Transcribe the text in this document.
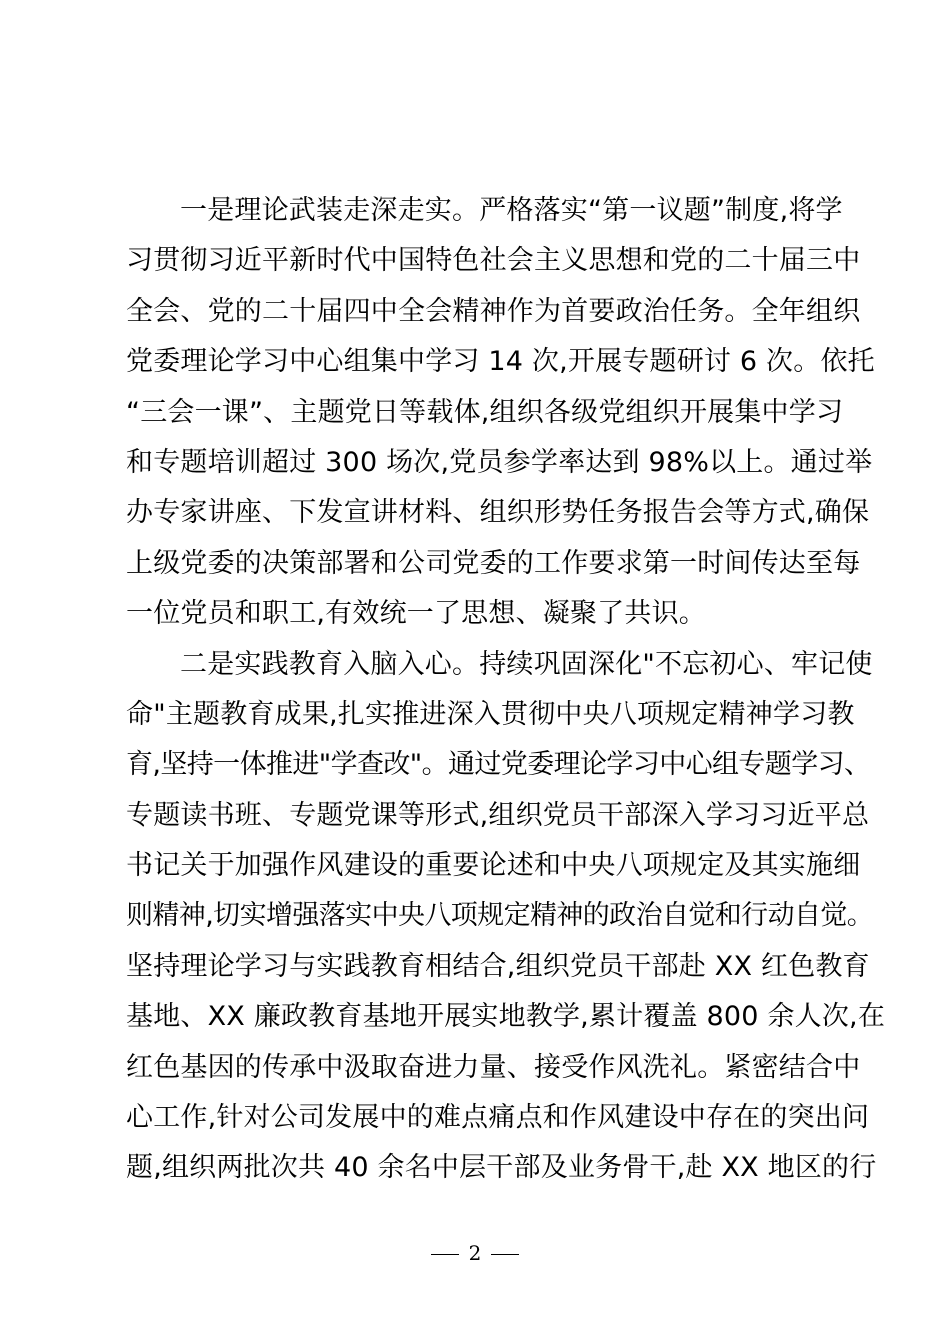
一是理论武装走深走实。严格落实“第一议题”制度,将学
习贯彻习近平新时代中国特色社会主义思想和党的二十届三中
全会、党的二十届四中全会精神作为首要政治任务。全年组织
党委理论学习中心组集中学习 14 次,开展专题研讨 6 次。依托
“三会一课”、主题党日等载体,组织各级党组织开展集中学习
和专题培训超过 300 场次,党员参学率达到 98%以上。通过举
办专家讲座、下发宣讲材料、组织形势任务报告会等方式,确保
上级党委的决策部署和公司党委的工作要求第一时间传达至每
一位党员和职工,有效统一了思想、凝聚了共识。
二是实践教育入脑入心。持续巩固深化"不忘初心、牢记使
命"主题教育成果,扎实推进深入贯彻中央八项规定精神学习教
育,坚持一体推进"学查改"。通过党委理论学习中心组专题学习、
专题读书班、专题党课等形式,组织党员干部深入学习习近平总
书记关于加强作风建设的重要论述和中央八项规定及其实施细
则精神,切实增强落实中央八项规定精神的政治自觉和行动自觉。
坚持理论学习与实践教育相结合,组织党员干部赴 XX 红色教育
基地、XX 廉政教育基地开展实地教学,累计覆盖 800 余人次,在
红色基因的传承中汲取奋进力量、接受作风洗礼。紧密结合中
心工作,针对公司发展中的难点痛点和作风建设中存在的突出问
题,组织两批次共 40 余名中层干部及业务骨干,赴 XX 地区的行
2
